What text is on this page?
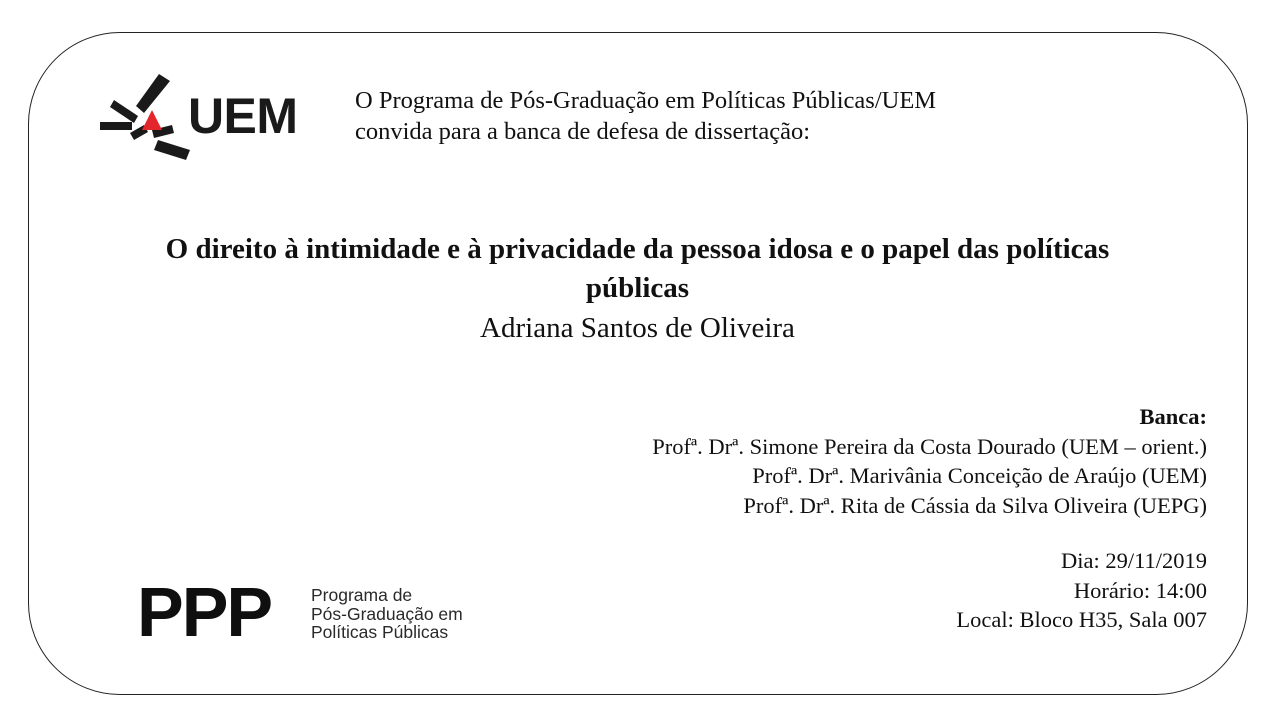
UEM O Programa de Pós-Graduação em Políticas Públicas/UEM
convida para a banca de defesa de dissertação:
O direito à intimidade e à privacidade da pessoa idosa e o papel das políticas
públicas
Adriana Santos de Oliveira
Banca:
Profª. Drª. Simone Pereira da Costa Dourado (UEM – orient.)
Profª. Drª. Marivânia Conceição de Araújo (UEM)
Profª. Drª. Rita de Cássia da Silva Oliveira (UEPG)
Dia: 29/11/2019
Horário: 14:00
Local: Bloco H35, Sala 007
PPP Programa de
Pós-Graduação em
Políticas Públicas
